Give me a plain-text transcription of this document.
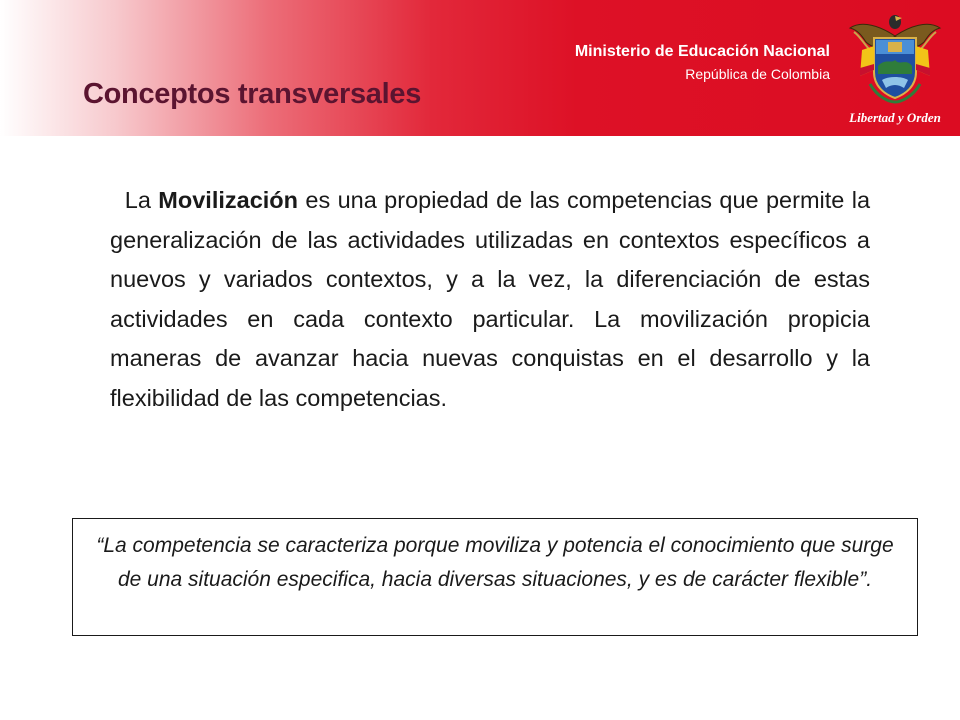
Ministerio de Educación Nacional
República de Colombia
Conceptos transversales
Libertad y Orden

La Movilización es una propiedad de las competencias que permite la generalización de las actividades utilizadas en contextos específicos a nuevos y variados contextos, y a la vez, la diferenciación de estas actividades en cada contexto particular. La movilización propicia maneras de avanzar hacia nuevas conquistas en el desarrollo y la flexibilidad de las competencias.

“La competencia se caracteriza porque moviliza y potencia el conocimiento que surge de una situación especifica, hacia diversas situaciones, y es de carácter flexible”.
